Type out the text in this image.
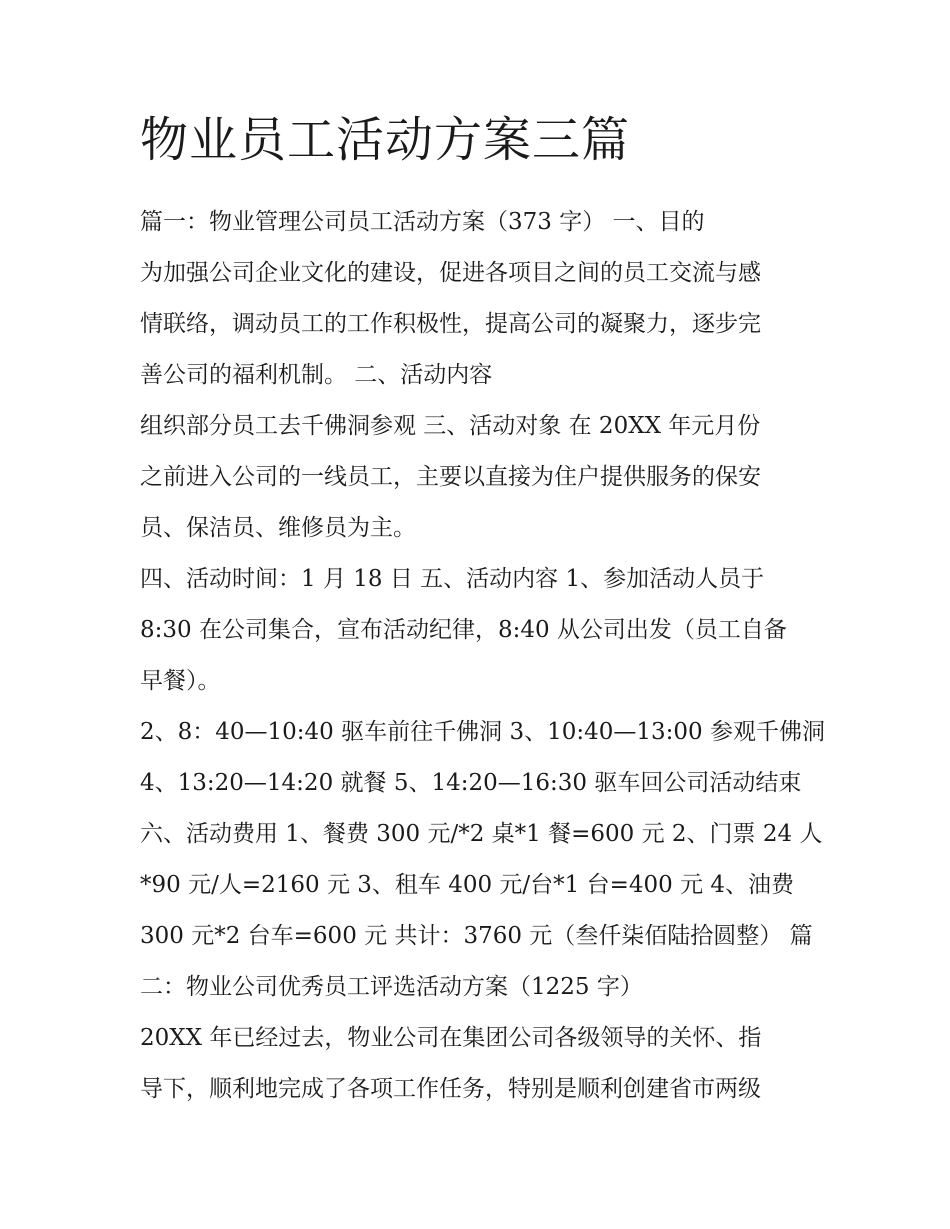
物业员工活动方案三篇
篇一：物业管理公司员工活动方案（373 字） 一、目的
为加强公司企业文化的建设，促进各项目之间的员工交流与感
情联络，调动员工的工作积极性，提高公司的凝聚力，逐步完
善公司的福利机制。 二、活动内容
组织部分员工去千佛洞参观 三、活动对象 在 20XX 年元月份
之前进入公司的一线员工，主要以直接为住户提供服务的保安
员、保洁员、维修员为主。
四、活动时间：1 月 18 日 五、活动内容 1、参加活动人员于
8:30 在公司集合，宣布活动纪律，8:40 从公司出发（员工自备
早餐）。
2、8：40—10:40 驱车前往千佛洞 3、10:40—13:00 参观千佛洞
4、13:20—14:20 就餐 5、14:20—16:30 驱车回公司活动结束
六、活动费用 1、餐费 300 元/*2 桌*1 餐=600 元 2、门票 24 人
*90 元/人=2160 元 3、租车 400 元/台*1 台=400 元 4、油费
300 元*2 台车=600 元 共计：3760 元（叁仟柒佰陆拾圆整） 篇
二：物业公司优秀员工评选活动方案（1225 字）
20XX 年已经过去，物业公司在集团公司各级领导的关怀、指
导下，顺利地完成了各项工作任务，特别是顺利创建省市两级
